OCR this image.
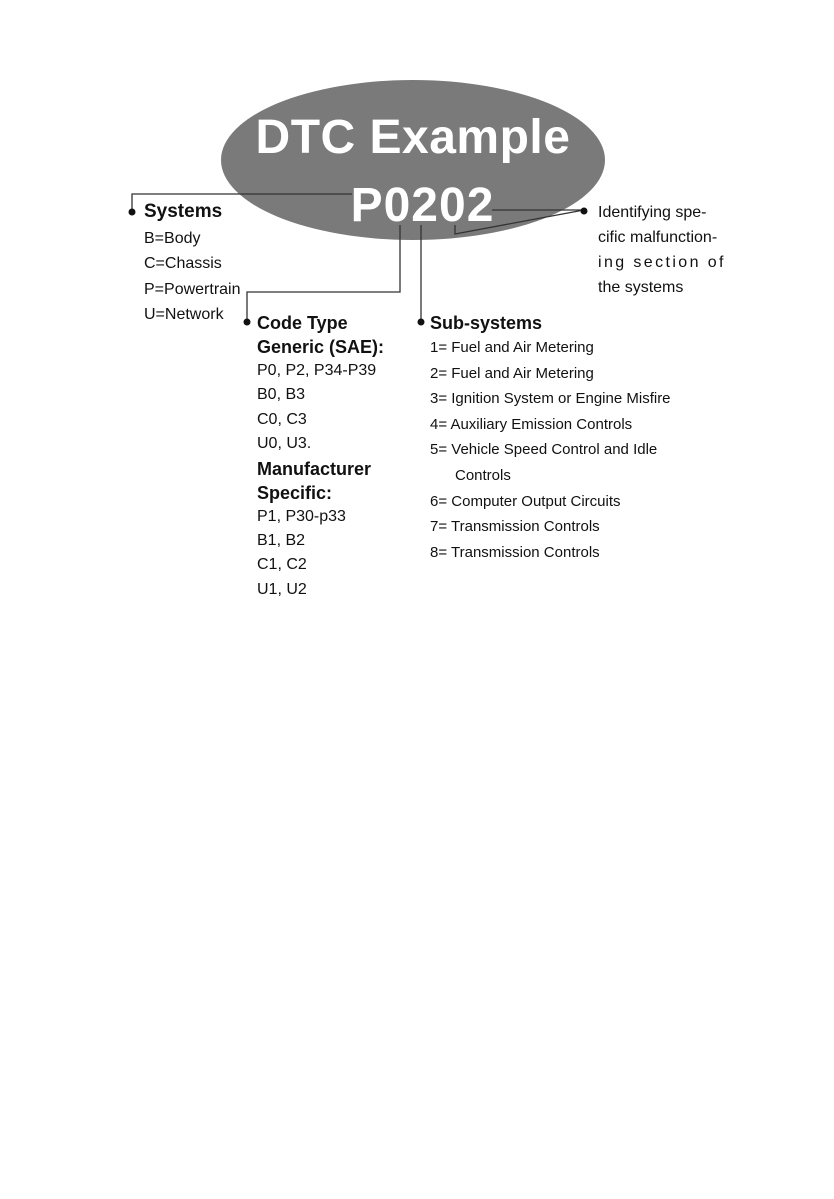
DTC Example
P0202
Systems
B=Body
C=Chassis
P=Powertrain
U=Network	Code Type
Generic (SAE):
P0, P2, P34-P39
B0, B3
C0, C3
U0, U3.
Manufacturer
Specific:
P1, P30-p33
B1, B2
C1, C2
U1, U2
Sub-systems
1= Fuel and Air Metering
2= Fuel and Air Metering
3= Ignition System or Engine Misfire
4= Auxiliary Emission Controls
5= Vehicle Speed Control and Idle
Controls
6= Computer Output Circuits
7= Transmission Controls
8= Transmission Controls
Identifying spe-
cific malfunction-
ing section of
the systems
